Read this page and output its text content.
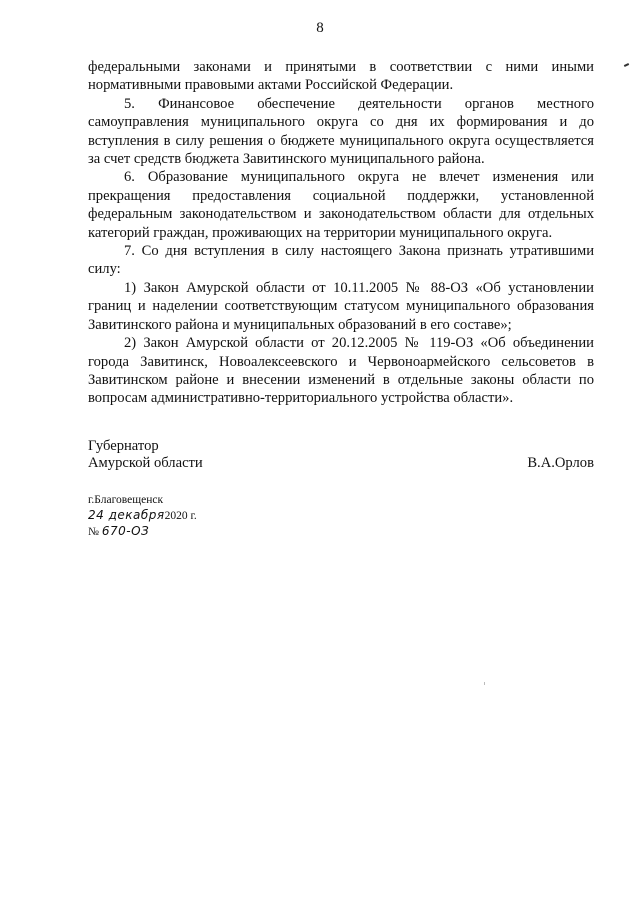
8

федеральными законами и принятыми в соответствии с ними иными нормативными правовыми актами Российской Федерации.

5. Финансовое обеспечение деятельности органов местного самоуправления муниципального округа со дня их формирования и до вступления в силу решения о бюджете муниципального округа осуществляется за счет средств бюджета Завитинского муниципального района.

6. Образование муниципального округа не влечет изменения или прекращения предоставления социальной поддержки, установленной федеральным законодательством и законодательством области для отдельных категорий граждан, проживающих на территории муниципального округа.

7. Со дня вступления в силу настоящего Закона признать утратившими силу:

1) Закон Амурской области от 10.11.2005 № 88-ОЗ «Об установлении границ и наделении соответствующим статусом муниципального образования Завитинского района и муниципальных образований в его составе»;

2) Закон Амурской области от 20.12.2005 № 119-ОЗ «Об объединении города Завитинск, Новоалексеевского и Червоноармейского сельсоветов в Завитинском районе и внесении изменений в отдельные законы области по вопросам административно-территориального устройства области».

Губернатор
Амурской области	В.А.Орлов
г.Благовещенск
24 декабря2020 г.
№ 670-ОЗ
